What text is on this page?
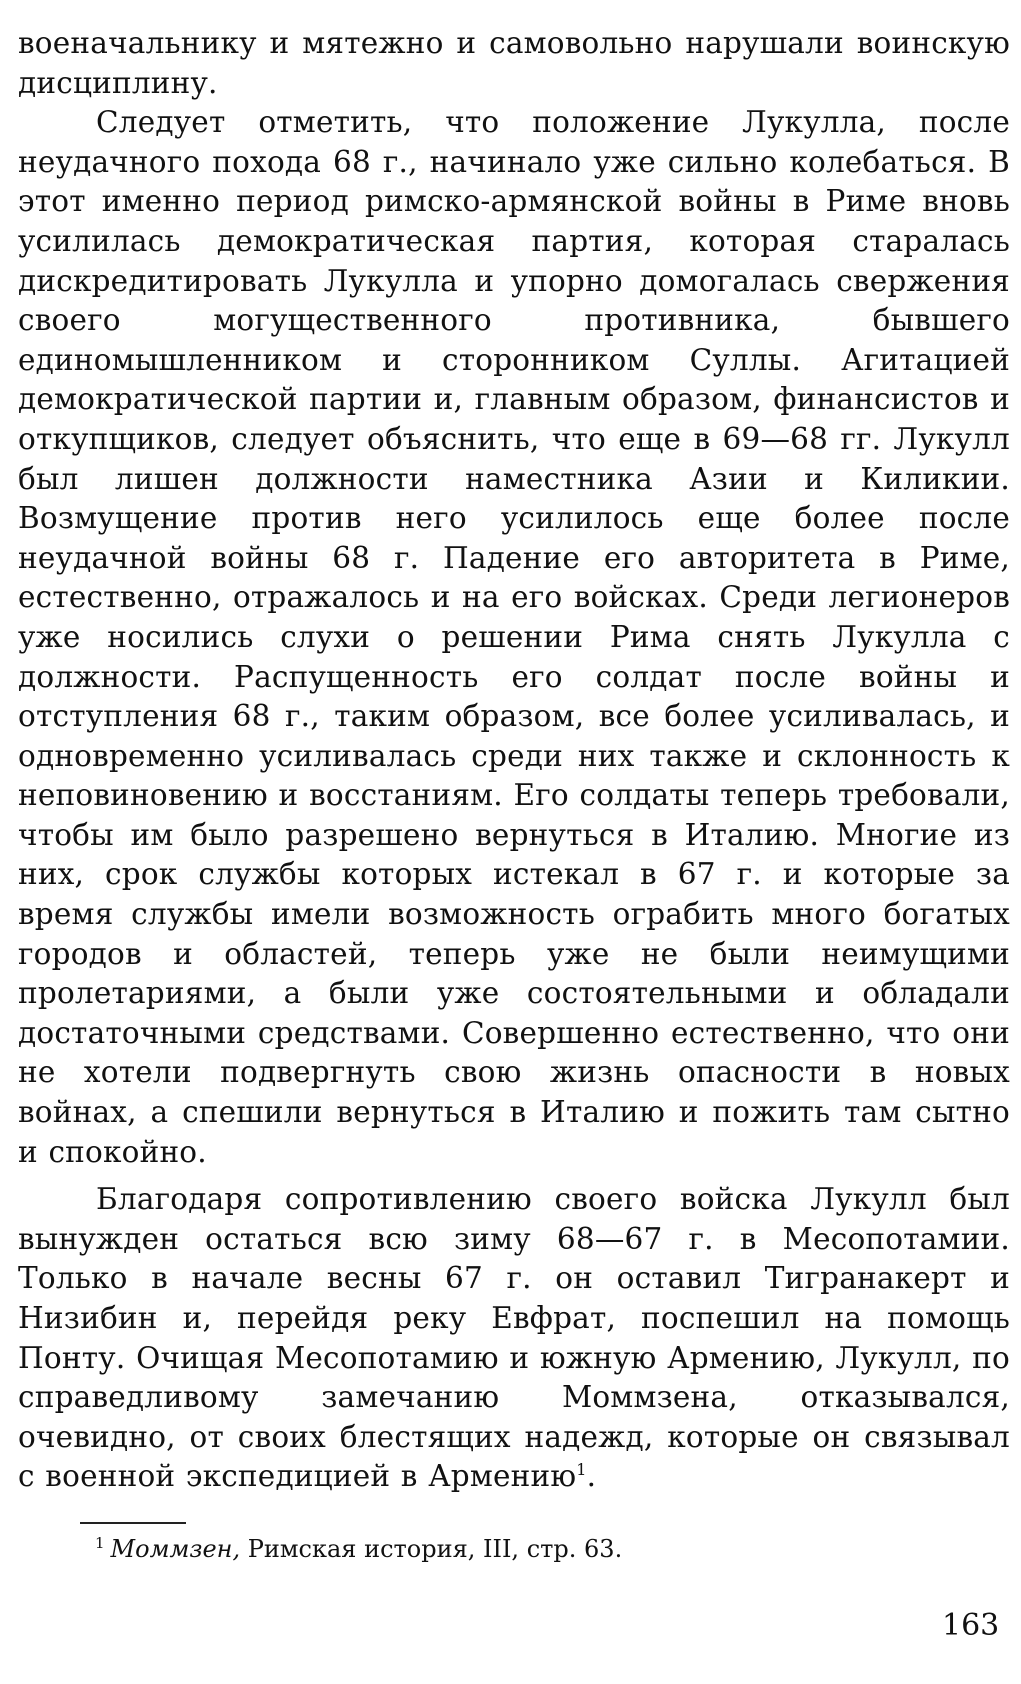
военачальнику и мятежно и самовольно нарушали воинскую дисциплину.

Следует отметить, что положение Лукулла, после неудачного похода 68 г., начинало уже сильно колебаться. В этот именно период римско-армянской войны в Риме вновь усилилась демократическая партия, которая старалась дискредитировать Лукулла и упорно домогалась свержения своего могущественного противника, бывшего единомышленником и сторонником Суллы. Агитацией демократической партии и, главным образом, финансистов и откупщиков, следует объяснить, что еще в 69—68 гг. Лукулл был лишен должности наместника Азии и Киликии. Возмущение против него усилилось еще более после неудачной войны 68 г. Падение его авторитета в Риме, естественно, отражалось и на его войсках. Среди легионеров уже носились слухи о решении Рима снять Лукулла с должности. Распущенность его солдат после войны и отступления 68 г., таким образом, все более усиливалась, и одновременно усиливалась среди них также и склонность к неповиновению и восстаниям. Его солдаты теперь требовали, чтобы им было разрешено вернуться в Италию. Многие из них, срок службы которых истекал в 67 г. и которые за время службы имели возможность ограбить много богатых городов и областей, теперь уже не были неимущими пролетариями, а были уже состоятельными и обладали достаточными средствами. Совершенно естественно, что они не хотели подвергнуть свою жизнь опасности в новых войнах, а спешили вернуться в Италию и пожить там сытно и спокойно.

Благодаря сопротивлению своего войска Лукулл был вынужден остаться всю зиму 68—67 г. в Месопотамии. Только в начале весны 67 г. он оставил Тигранакерт и Низибин и, перейдя реку Евфрат, поспешил на помощь Понту. Очищая Месопотамию и южную Армению, Лукулл, по справедливому замечанию Моммзена, отказывался, очевидно, от своих блестящих надежд, которые он связывал с военной экспедицией в Армению$^1$.

$^1$ Моммзен, Римская история, III, стр. 63.
163
